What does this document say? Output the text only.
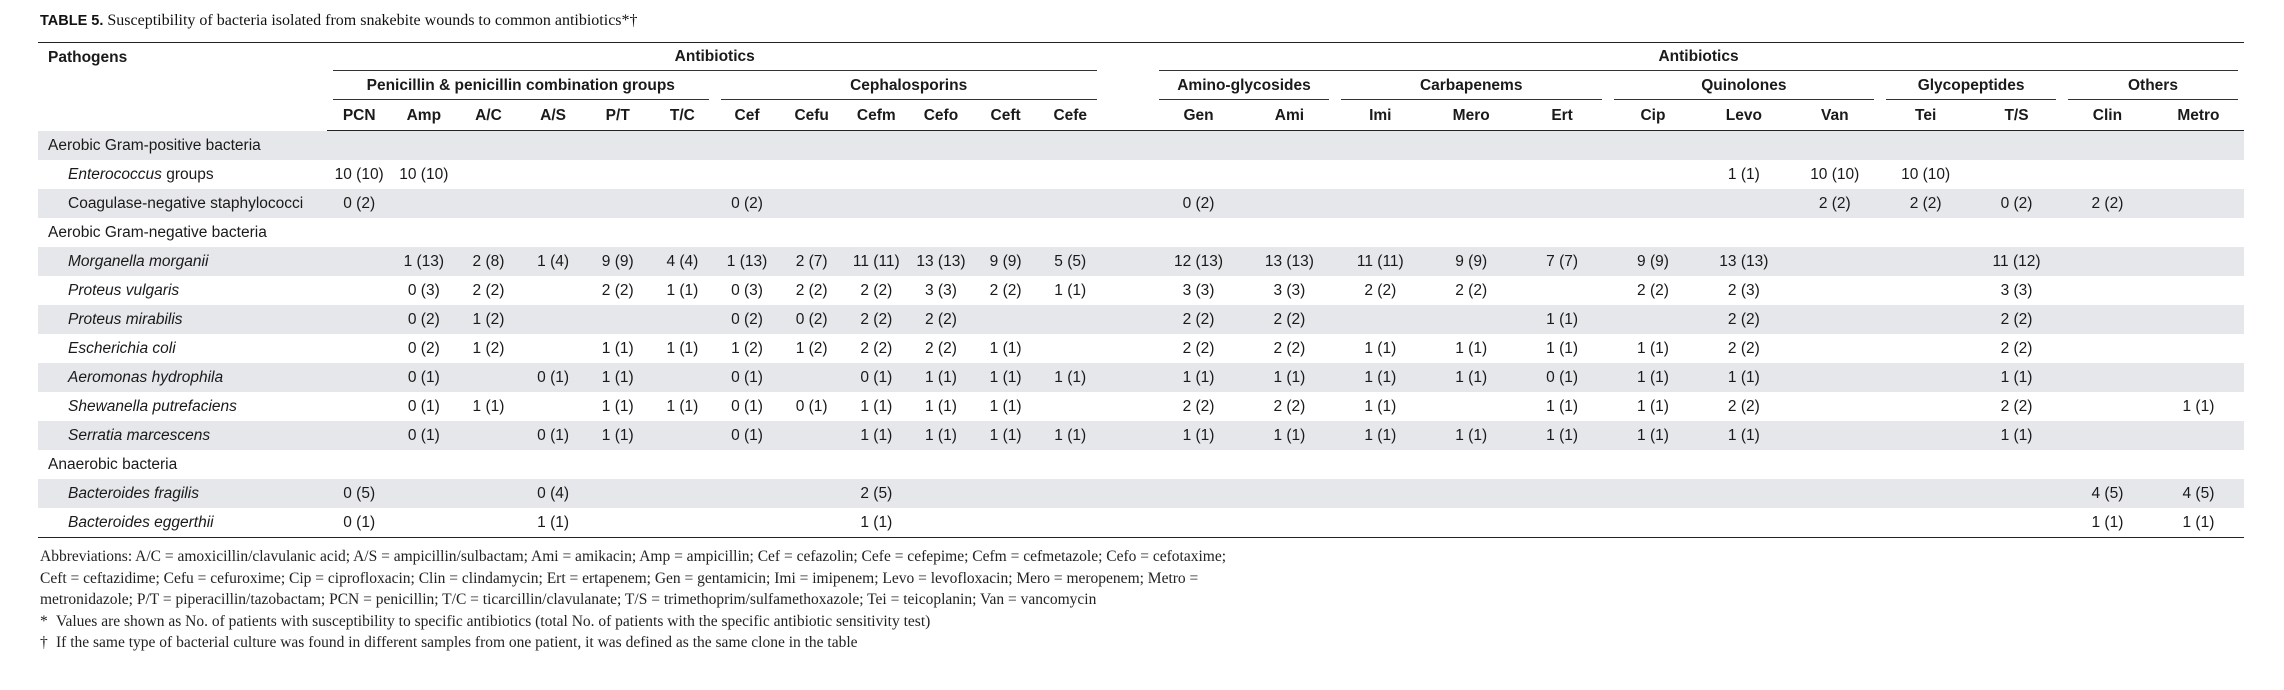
TABLE 5. Susceptibility of bacteria isolated from snakebite wounds to common antibiotics*†
Pathogens	Antibiotics													Antibiotics											

	Penicillin & penicillin combination groups						Cephalosporins							Amino-glycosides		Carbapenems			Quinolones			Glycopeptides		Others	

	PCN	Amp	A/C	A/S	P/T	T/C	Cef	Cefu	Cefm	Cefo	Ceft	Cefe		Gen	Ami	Imi	Mero	Ert	Cip	Levo	Van	Tei	T/S	Clin	Metro
Aerobic Gram-positive bacteria																									
Enterococcus groups	10 (10)	10 (10)																		1 (1)	10 (10)	10 (10)			
Coagulase-negative staphylococci	0 (2)						0 (2)							0 (2)							2 (2)	2 (2)	0 (2)	2 (2)	
Aerobic Gram-negative bacteria																									
Morganella morganii		1 (13)	2 (8)	1 (4)	9 (9)	4 (4)	1 (13)	2 (7)	11 (11)	13 (13)	9 (9)	5 (5)		12 (13)	13 (13)	11 (11)	9 (9)	7 (7)	9 (9)	13 (13)			11 (12)		
Proteus vulgaris		0 (3)	2 (2)		2 (2)	1 (1)	0 (3)	2 (2)	2 (2)	3 (3)	2 (2)	1 (1)		3 (3)	3 (3)	2 (2)	2 (2)		2 (2)	2 (3)			3 (3)		
Proteus mirabilis		0 (2)	1 (2)				0 (2)	0 (2)	2 (2)	2 (2)				2 (2)	2 (2)			1 (1)		2 (2)			2 (2)		
Escherichia coli		0 (2)	1 (2)		1 (1)	1 (1)	1 (2)	1 (2)	2 (2)	2 (2)	1 (1)			2 (2)	2 (2)	1 (1)	1 (1)	1 (1)	1 (1)	2 (2)			2 (2)		
Aeromonas hydrophila		0 (1)		0 (1)	1 (1)		0 (1)		0 (1)	1 (1)	1 (1)	1 (1)		1 (1)	1 (1)	1 (1)	1 (1)	0 (1)	1 (1)	1 (1)			1 (1)		
Shewanella putrefaciens		0 (1)	1 (1)		1 (1)	1 (1)	0 (1)	0 (1)	1 (1)	1 (1)	1 (1)			2 (2)	2 (2)	1 (1)		1 (1)	1 (1)	2 (2)			2 (2)		1 (1)
Serratia marcescens		0 (1)		0 (1)	1 (1)		0 (1)		1 (1)	1 (1)	1 (1)	1 (1)		1 (1)	1 (1)	1 (1)	1 (1)	1 (1)	1 (1)	1 (1)			1 (1)		
Anaerobic bacteria																									
Bacteroides fragilis	0 (5)			0 (4)					2 (5)															4 (5)	4 (5)
Bacteroides eggerthii	0 (1)			1 (1)					1 (1)															1 (1)	1 (1)

Abbreviations: A/C = amoxicillin/clavulanic acid; A/S = ampicillin/sulbactam; Ami = amikacin; Amp = ampicillin; Cef = cefazolin; Cefe = cefepime; Cefm = cefmetazole; Cefo = cefotaxime; Ceft = ceftazidime; Cefu = cefuroxime; Cip = ciprofloxacin; Clin = clindamycin; Ert = ertapenem; Gen = gentamicin; Imi = imipenem; Levo = levofloxacin; Mero = meropenem; Metro = metronidazole; P/T = piperacillin/tazobactam; PCN = penicillin; T/C = ticarcillin/clavulanate; T/S = trimethoprim/sulfamethoxazole; Tei = teicoplanin; Van = vancomycin

* Values are shown as No. of patients with susceptibility to specific antibiotics (total No. of patients with the specific antibiotic sensitivity test)

† If the same type of bacterial culture was found in different samples from one patient, it was defined as the same clone in the table
